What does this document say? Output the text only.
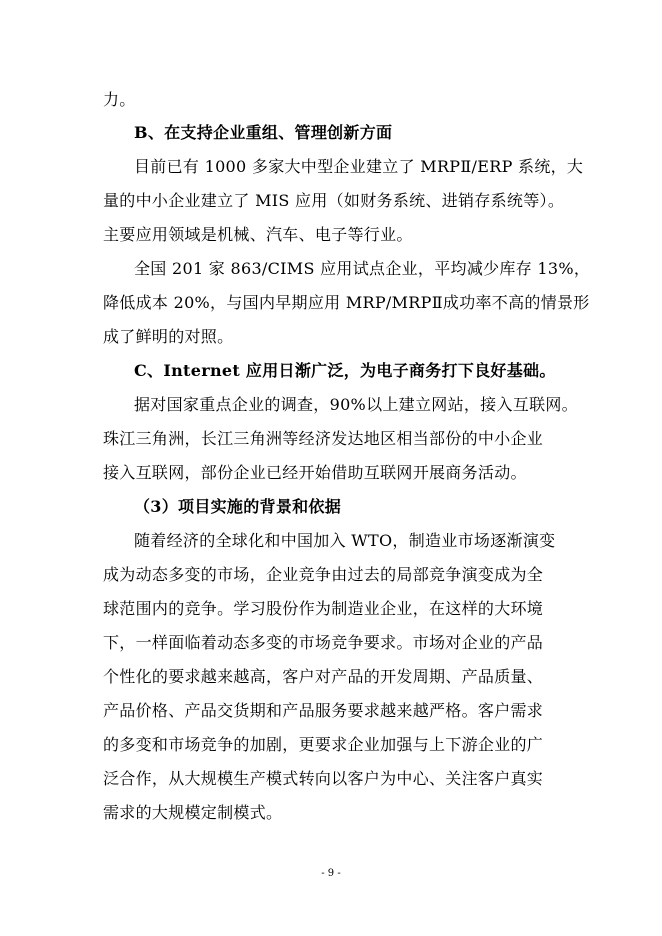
力。
B、在支持企业重组、管理创新方面
目前已有 1000 多家大中型企业建立了 MRPⅡ/ERP 系统，大
量的中小企业建立了 MIS 应用（如财务系统、进销存系统等）。
主要应用领域是机械、汽车、电子等行业。
全国 201 家 863/CIMS 应用试点企业，平均减少库存 13%，
降低成本 20%，与国内早期应用 MRP/MRPⅡ成功率不高的情景形
成了鲜明的对照。
C、Internet 应用日渐广泛，为电子商务打下良好基础。
据对国家重点企业的调查，90%以上建立网站，接入互联网。
珠江三角洲，长江三角洲等经济发达地区相当部份的中小企业
接入互联网，部份企业已经开始借助互联网开展商务活动。
（3）项目实施的背景和依据
随着经济的全球化和中国加入 WTO，制造业市场逐渐演变
成为动态多变的市场，企业竞争由过去的局部竞争演变成为全
球范围内的竞争。学习股份作为制造业企业，在这样的大环境
下，一样面临着动态多变的市场竞争要求。市场对企业的产品
个性化的要求越来越高，客户对产品的开发周期、产品质量、
产品价格、产品交货期和产品服务要求越来越严格。客户需求
的多变和市场竞争的加剧，更要求企业加强与上下游企业的广
泛合作，从大规模生产模式转向以客户为中心、关注客户真实
需求的大规模定制模式。
- 9 -
